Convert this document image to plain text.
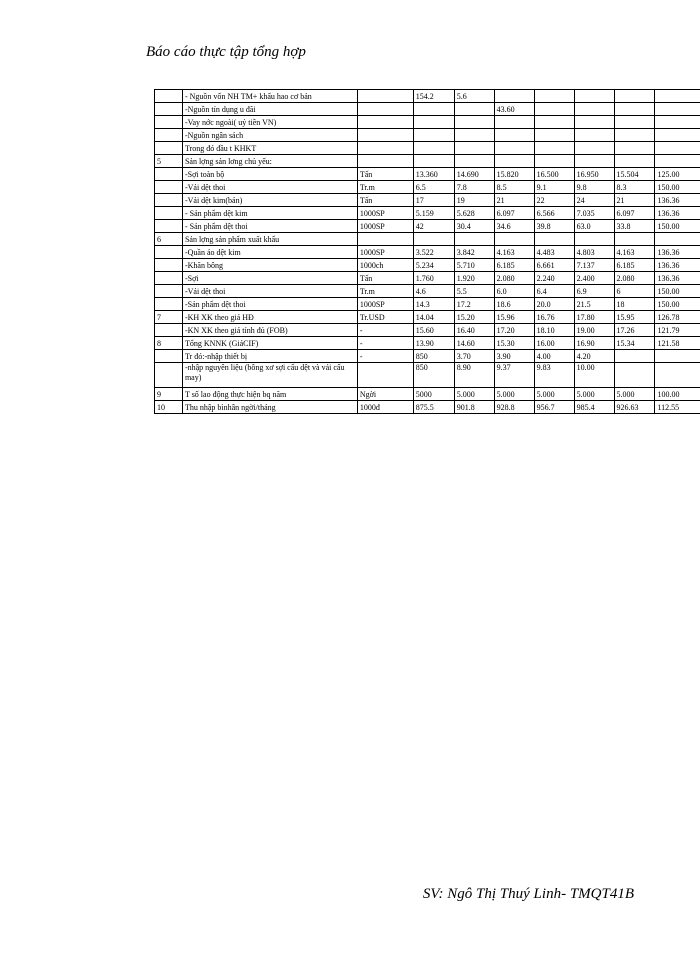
Báo cáo thực tập tổng hợp
	- Nguồn vốn NH TM+ khấu hao cơ bản		154.2	5.6					
	-Nguồn tín dụng u đãi				43.60				
	-Vay nớc ngoài( uỷ tiền VN)								
	-Nguồn ngân sách								
	Trong đó đầu t KHKT								
5	Sản lợng sản lơng chủ yếu:								
	-Sợi toàn bộ	Tấn	13.360	14.690	15.820	16.500	16.950	15.504	125.00
	-Vải dệt thoi	Tr.m	6.5	7.8	8.5	9.1	9.8	8.3	150.00
	-Vải dệt kim(bán)	Tấn	17	19	21	22	24	21	136.36
	- Sản phẩm dệt kim	1000SP	5.159	5.628	6.097	6.566	7.035	6.097	136.36
	- Sản phẩm dệt thoi	1000SP	42	30.4	34.6	39.8	63.0	33.8	150.00
6	Sản lợng sản phẩm xuất khẩu								
	-Quần áo dệt kim	1000SP	3.522	3.842	4.163	4.483	4.803	4.163	136.36
	-Khăn bông	1000ch	5.234	5.710	6.185	6.661	7.137	6.185	136.36
	-Sợi	Tấn	1.760	1.920	2.080	2.240	2.400	2.080	136.36
	-Vải dệt thoi	Tr.m	4.6	5.5	6.0	6.4	6.9	6	150.00
	-Sản phẩm dệt thoi	1000SP	14.3	17.2	18.6	20.0	21.5	18	150.00
7	-KH XK theo giá HĐ	Tr.USD	14.04	15.20	15.96	16.76	17.80	15.95	126.78
	-KN XK theo giá tính đủ (FOB)	-	15.60	16.40	17.20	18.10	19.00	17.26	121.79
8	Tổng KNNK (GiáCIF)	-	13.90	14.60	15.30	16.00	16.90	15.34	121.58
	Tr đó:-nhập thiết bị	-	850	3.70	3.90	4.00	4.20		
	-nhập nguyên liệu (bông xơ sợi cấu dệt và vải cấu may)		850	8.90	9.37	9.83	10.00		
9	T số lao động thực hiện bq năm	Ngời	5000	5.000	5.000	5.000	5.000	5.000	100.00
10	Thu nhập bìnhân ngời/tháng	1000đ	875.5	901.8	928.8	956.7	985.4	926.63	112.55
SV: Ngô Thị Thuý Linh- TMQT41B
